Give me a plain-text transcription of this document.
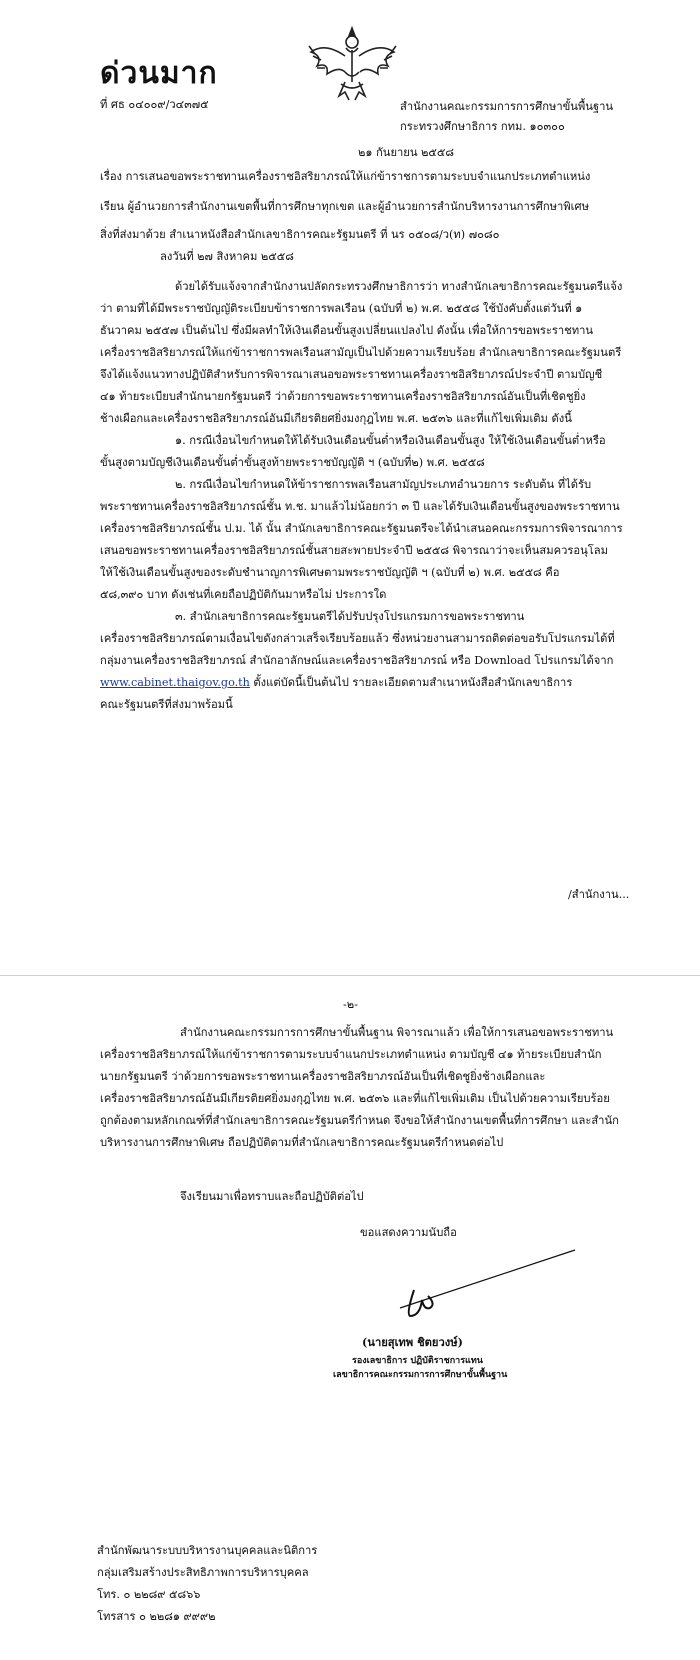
ด่วนมาก
ที่ ศธ ๐๔๐๐๙/ว๔๓๗๕	สำนักงานคณะกรรมการการศึกษาขั้นพื้นฐาน
กระทรวงศึกษาธิการ กทม. ๑๐๓๐๐
๒๑ กันยายน ๒๕๕๘
เรื่อง การเสนอขอพระราชทานเครื่องราชอิสริยาภรณ์ให้แก่ข้าราชการตามระบบจำแนกประเภทตำแหน่ง
เรียน ผู้อำนวยการสำนักงานเขตพื้นที่การศึกษาทุกเขต และผู้อำนวยการสำนักบริหารงานการศึกษาพิเศษ
สิ่งที่ส่งมาด้วย สำเนาหนังสือสำนักเลขาธิการคณะรัฐมนตรี ที่ นร ๐๕๐๘/ว(ท) ๗๐๘๐
ลงวันที่ ๒๗ สิงหาคม ๒๕๕๘
ด้วยได้รับแจ้งจากสำนักงานปลัดกระทรวงศึกษาธิการว่า ทางสำนักเลขาธิการคณะรัฐมนตรีแจ้ง
ว่า ตามที่ได้มีพระราชบัญญัติระเบียบข้าราชการพลเรือน (ฉบับที่ ๒) พ.ศ. ๒๕๕๘ ใช้บังคับตั้งแต่วันที่ ๑
ธันวาคม ๒๕๕๗ เป็นต้นไป ซึ่งมีผลทำให้เงินเดือนขั้นสูงเปลี่ยนแปลงไป ดังนั้น เพื่อให้การขอพระราชทาน
เครื่องราชอิสริยาภรณ์ให้แก่ข้าราชการพลเรือนสามัญเป็นไปด้วยความเรียบร้อย สำนักเลขาธิการคณะรัฐมนตรี
จึงได้แจ้งแนวทางปฏิบัติสำหรับการพิจารณาเสนอขอพระราชทานเครื่องราชอิสริยาภรณ์ประจำปี ตามบัญชี
๔๑ ท้ายระเบียบสำนักนายกรัฐมนตรี ว่าด้วยการขอพระราชทานเครื่องราชอิสริยาภรณ์อันเป็นที่เชิดชูยิ่ง
ช้างเผือกและเครื่องราชอิสริยาภรณ์อันมีเกียรติยศยิ่งมงกุฎไทย พ.ศ. ๒๕๓๖ และที่แก้ไขเพิ่มเติม ดังนี้
๑. กรณีเงื่อนไขกำหนดให้ได้รับเงินเดือนขั้นต่ำหรือเงินเดือนขั้นสูง ให้ใช้เงินเดือนขั้นต่ำหรือ
ขั้นสูงตามบัญชีเงินเดือนขั้นต่ำขั้นสูงท้ายพระราชบัญญัติ ฯ (ฉบับที่๒) พ.ศ. ๒๕๕๘
๒. กรณีเงื่อนไขกำหนดให้ข้าราชการพลเรือนสามัญประเภทอำนวยการ ระดับต้น ที่ได้รับ
พระราชทานเครื่องราชอิสริยาภรณ์ชั้น ท.ช. มาแล้วไม่น้อยกว่า ๓ ปี และได้รับเงินเดือนขั้นสูงของพระราชทาน
เครื่องราชอิสริยาภรณ์ชั้น ป.ม. ได้ นั้น สำนักเลขาธิการคณะรัฐมนตรีจะได้นำเสนอคณะกรรมการพิจารณาการ
เสนอขอพระราชทานเครื่องราชอิสริยาภรณ์ชั้นสายสะพายประจำปี ๒๕๕๘ พิจารณาว่าจะเห็นสมควรอนุโลม
ให้ใช้เงินเดือนขั้นสูงของระดับชำนาญการพิเศษตามพระราชบัญญัติ ฯ (ฉบับที่ ๒) พ.ศ. ๒๕๕๘ คือ
๕๘,๓๙๐ บาท ดังเช่นที่เคยถือปฏิบัติกันมาหรือไม่ ประการใด
๓. สำนักเลขาธิการคณะรัฐมนตรีได้ปรับปรุงโปรแกรมการขอพระราชทาน
เครื่องราชอิสริยาภรณ์ตามเงื่อนไขดังกล่าวเสร็จเรียบร้อยแล้ว ซึ่งหน่วยงานสามารถติดต่อขอรับโปรแกรมได้ที่
กลุ่มงานเครื่องราชอิสริยาภรณ์ สำนักอาลักษณ์และเครื่องราชอิสริยาภรณ์ หรือ Download โปรแกรมได้จาก
www.cabinet.thaigov.go.th ตั้งแต่บัดนี้เป็นต้นไป รายละเอียดตามสำเนาหนังสือสำนักเลขาธิการ
คณะรัฐมนตรีที่ส่งมาพร้อมนี้
/สำนักงาน...
-๒-
สำนักงานคณะกรรมการการศึกษาขั้นพื้นฐาน พิจารณาแล้ว เพื่อให้การเสนอขอพระราชทาน
เครื่องราชอิสริยาภรณ์ให้แก่ข้าราชการตามระบบจำแนกประเภทตำแหน่ง ตามบัญชี ๔๑ ท้ายระเบียบสำนัก
นายกรัฐมนตรี ว่าด้วยการขอพระราชทานเครื่องราชอิสริยาภรณ์อันเป็นที่เชิดชูยิ่งช้างเผือกและ
เครื่องราชอิสริยาภรณ์อันมีเกียรติยศยิ่งมงกุฎไทย พ.ศ. ๒๕๓๖ และที่แก้ไขเพิ่มเติม เป็นไปด้วยความเรียบร้อย
ถูกต้องตามหลักเกณฑ์ที่สำนักเลขาธิการคณะรัฐมนตรีกำหนด จึงขอให้สำนักงานเขตพื้นที่การศึกษา และสำนัก
บริหารงานการศึกษาพิเศษ ถือปฏิบัติตามที่สำนักเลขาธิการคณะรัฐมนตรีกำหนดต่อไป
จึงเรียนมาเพื่อทราบและถือปฏิบัติต่อไป
ขอแสดงความนับถือ
(นายสุเทพ ชิตยวงษ์)
รองเลขาธิการ ปฏิบัติราชการแทน
เลขาธิการคณะกรรมการการศึกษาขั้นพื้นฐาน
สำนักพัฒนาระบบบริหารงานบุคคลและนิติการ
กลุ่มเสริมสร้างประสิทธิภาพการบริหารบุคคล
โทร. ๐ ๒๒๘๙ ๕๘๖๖
โทรสาร ๐ ๒๒๘๑ ๙๙๙๒
